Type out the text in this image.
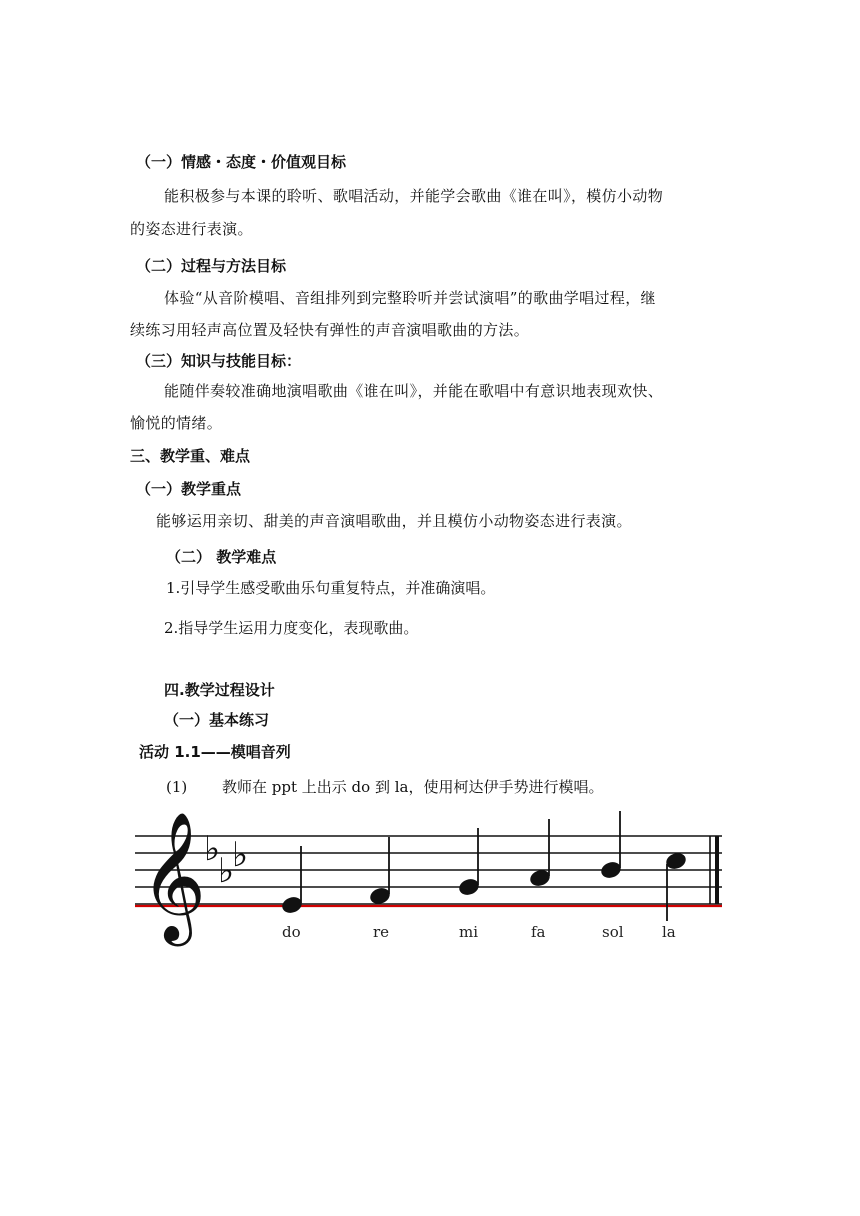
（一）情感・态度・价值观目标
能积极参与本课的聆听、歌唱活动，并能学会歌曲《谁在叫》，模仿小动物
的姿态进行表演。
（二）过程与方法目标
体验“从音阶模唱、音组排列到完整聆听并尝试演唱”的歌曲学唱过程，继
续练习用轻声高位置及轻快有弹性的声音演唱歌曲的方法。
（三）知识与技能目标：
能随伴奏较准确地演唱歌曲《谁在叫》，并能在歌唱中有意识地表现欢快、
愉悦的情绪。
三、教学重、难点
（一）教学重点
能够运用亲切、甜美的声音演唱歌曲，并且模仿小动物姿态进行表演。
（二） 教学难点
1.引导学生感受歌曲乐句重复特点，并准确演唱。
2.指导学生运用力度变化，表现歌曲。
四.教学过程设计
（一）基本练习
活动 1.1——模唱音列
(1) 教师在 ppt 上出示 do 到 la，使用柯达伊手势进行模唱。
𝄞
♭
♭
♭
do	re	mi	fa	sol	la
